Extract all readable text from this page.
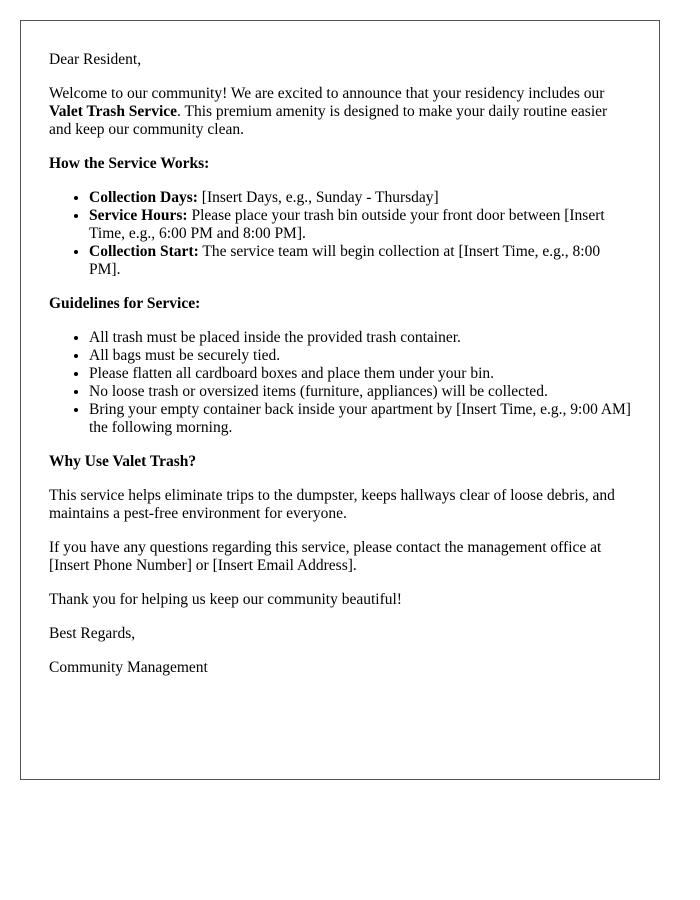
Dear Resident,

Welcome to our community! We are excited to announce that your residency includes our Valet Trash Service. This premium amenity is designed to make your daily routine easier and keep our community clean.

How the Service Works:
• Collection Days: [Insert Days, e.g., Sunday - Thursday]
• Service Hours: Please place your trash bin outside your front door between [Insert Time, e.g., 6:00 PM and 8:00 PM].
• Collection Start: The service team will begin collection at [Insert Time, e.g., 8:00 PM].
Guidelines for Service:
• All trash must be placed inside the provided trash container.
• All bags must be securely tied.
• Please flatten all cardboard boxes and place them under your bin.
• No loose trash or oversized items (furniture, appliances) will be collected.
• Bring your empty container back inside your apartment by [Insert Time, e.g., 9:00 AM] the following morning.
Why Use Valet Trash?

This service helps eliminate trips to the dumpster, keeps hallways clear of loose debris, and maintains a pest-free environment for everyone.

If you have any questions regarding this service, please contact the management office at [Insert Phone Number] or [Insert Email Address].

Thank you for helping us keep our community beautiful!

Best Regards,

Community Management
